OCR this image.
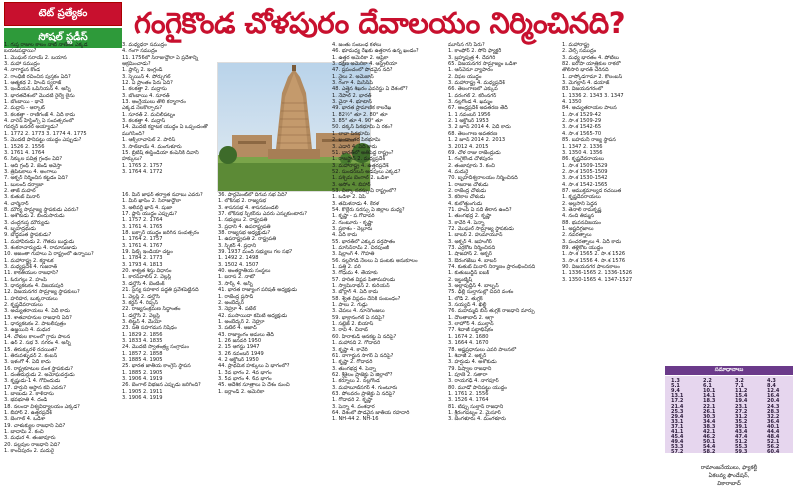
టెట్ ప్రత్యేకం
సోషల్ స్టడీస్	గంగైకొండ చోళపురం దేవాలయం నిర్మించినది?
1. గుప్త రాజుల కాలం నాటి నాణేలు ఎక్కడ
బయటపడ్డాయి?
1. మొఘల్ సరాయ్ 2. బయాన
3. మహా సముద్రం
4. నాగార్జున కొండ
2. గాంధీజీ రచించిన పుస్తకం ఏది?
1. ఆత్మకథ 2. హింద్ స్వరాజ్
3. ఇండియన్ ఒపీనియన్ 4. అన్నీ
3. భారతదేశంలో మొదటి రైల్వే లైను
1. బొంబాయి - థానే
2. మద్రాస్ - ఆర్కాట్
3. కలకత్తా - రాణీగంజ్ 4. ఏదీ కాదు
4. వారెన్ హేస్టింగ్స్ ఏ సంవత్సరంలో
గవర్నర్ జనరల్ అయ్యాడు?
1. 1772 2. 1773 3. 1774 4. 1775
5. మొదటి పానిపట్టు యుద్ధం ఎప్పుడు?
1. 1526 2. 1556
3. 1761 4. 1764
6. సిక్కుల పవిత్ర గ్రంథం ఏది?
1. ఆది గ్రంథ్ 2. జెండ్ అవెస్తా
3. త్రిపిటకాలు 4. అంగాలు
7. అక్బర్ నిర్మించిన కట్టడం ఏది?
1. బులంద్ దర్వాజా
2. తాజ్ మహల్
3. కుతుబ్ మినార్
4. చార్మినార్
8. మౌర్య సామ్రాజ్య స్థాపకుడు ఎవరు?
1. అశోకుడు 2. బిందుసారుడు
3. చంద్రగుప్త మౌర్యుడు
4. బృహద్రథుడు
9. బౌద్ధమత స్థాపకుడు?
1. మహావీరుడు 2. గౌతమ బుద్ధుడు
3. శంకరాచార్యుడు 4. రామానుజుడు
10. అజంతా గుహలు ఏ రాష్ట్రంలో ఉన్నాయి?
1. మహారాష్ట్ర 2. కర్ణాటక
3. మధ్యప్రదేశ్ 4. గుజరాత్
11. కాకతీయుల రాజధాని?
1. ఓరుగల్లు 2. హంపి
3. ధాన్యకటకం 4. విజయపురి
12. విజయనగర సామ్రాజ్య స్థాపకులు?
1. హరిహర, బుక్కరాయలు
2. కృష్ణదేవరాయలు
3. అచ్యుతరాయలు 4. ఏదీ కాదు
13. శాతవాహనుల రాజధాని ఏది?
1. ధాన్యకటకం 2. పాటలీపుత్రం
3. ఉజ్జయిని 4. మధుర
14. చోళుల కాలంలో గ్రామ పాలన
1. ఉర్ 2. సభ 3. నగరం 4. అన్నీ
15. తిరుక్కురళ్ రచయిత?
1. తిరువళ్ళువర్ 2. కంబన్
3. ఇళంగో 4. ఏదీ కాదు
16. రాష్ట్రకూటుల వంశ స్థాపకుడు?
1. దంతిదుర్గుడు 2. అమోఘవర్షుడు
3. కృష్ణుడు-1 4. గోవిందుడు
17. హర్షుని ఆస్థాన కవి ఎవరు?
1. బాణుడు 2. కాళిదాసు
3. భవభూతి 4. దండి
18. నలందా విశ్వవిద్యాలయం ఎక్కడ?
1. బీహార్ 2. ఉత్తరప్రదేశ్
3. బెంగాల్ 4. ఒడిశా
19. చాళుక్యుల రాజధాని ఏది?
1. బాదామి 2. కంచి
3. మధుర 4. తంజావూరు
20. పల్లవుల రాజధాని ఏది?
1. కాంచీపురం 2. మదురై
3. మధ్యధరా సముద్రం
4. గంగా సముద్రం
11. 1756లో సిరాజుద్దౌలా ఏ ప్రదేశాన్ని
ఆక్రమించాడు?
1. ఫ్రాన్స్ 2. ఇంగ్లండ్
3. స్పెయిన్ 4. పోర్చుగల్
12. ఏ ప్రాంతం పేరు ఏది?
1. కలకత్తా 2. మద్రాసు
3. బొంబాయి 4. సూరత్
13. ఆంగ్లేయులు తొలి కర్మాగారం
ఎక్కడ నెలకొల్పారు?
1. సూరత్ 2. మచిలీపట్నం
3. కలకత్తా 4. మద్రాస్
14. మొదటి కర్ణాటక యుద్ధం ఏ ఒప్పందంతో
ముగిసింది?
1. ఆక్స్‌లాచాపెల్ 2. పారిస్
3. సాల్‌బాయ్ 4. మంగుళూరు
15. బ్రిటిష్ ఈస్టిండియా కంపెనీకి దివానీ
హక్కులు?
1. 1765 2. 1757
3. 1764 4. 1772
16. మీర్ జాఫర్ తర్వాత నవాబు ఎవరు?
1. మీర్ ఖాసిం 2. సిరాజుద్దౌలా
3. అలీవర్దీ ఖాన్ 4. షుజా
17. ప్లాసీ యుద్ధం ఎప్పుడు?
1. 1757 2. 1764
3. 1761 4. 1765
18. బక్సార్ యుద్ధం జరిగిన సంవత్సరం
1. 1764 2. 1757
3. 1761 4. 1767
19. పిట్స్ ఇండియా చట్టం
1. 1784 2. 1773
3. 1793 4. 1813
20. శాశ్వత శిస్తు విధానం
1. కారన్‌వాలిస్ 2. వెల్లస్లీ
3. డల్హౌసీ 4. బెంటింక్
21. సైన్య సహకార పద్ధతి ప్రవేశపెట్టినది
1. వెల్లస్లీ 2. డల్హౌసీ
3. కర్జన్ 4. రిప్పన్
22. రాజ్యసంక్రమణ సిద్ధాంతం
1. డల్హౌసీ 2. వెల్లస్లీ
3. లిట్టన్ 4. మేయో
23. సతీ సహగమన నిషేధం
1. 1829 2. 1856
3. 1833 4. 1835
24. మొదటి స్వాతంత్ర్య సంగ్రామం
1. 1857 2. 1858
3. 1885 4. 1905
25. భారత జాతీయ కాంగ్రెస్ స్థాపన
1. 1885 2. 1905
3. 1906 4. 1919
26. బెంగాల్ విభజన ఎప్పుడు జరిగింది?
1. 1905 2. 1911
3. 1906 4. 1919
36. పార్లమెంట్‌లో దిగువ సభ ఏది?
1. లోక్‌సభ 2. రాజ్యసభ
3. శాసనసభ 4. శాసనమండలి
37. లోక్‌సభ స్పీకర్‌ను ఎవరు ఎన్నుకుంటారు?
1. సభ్యులు 2. రాష్ట్రపతి
3. ప్రధాని 4. ఉపరాష్ట్రపతి
38. రాజ్యసభ అధ్యక్షుడు?
1. ఉపరాష్ట్రపతి 2. రాష్ట్రపతి
3. స్పీకర్ 4. ప్రధాని
39. 1937 మంది సభ్యులు గల సభ?
1. 1492 2. 1498
3. 1502 4. 1507
40. అంతర్జాతీయ సంస్థలు
1. ఐరాస 2. నాటో
3. సార్క్ 4. అన్నీ
41. భారత రాజ్యాంగ పరిషత్ అధ్యక్షుడు
1. రాజేంద్ర ప్రసాద్
2. అంబేద్కర్
3. నెహ్రూ 4. పటేల్
42. ముసాయిదా కమిటీ అధ్యక్షుడు
1. అంబేద్కర్ 2. నెహ్రూ
3. పటేల్ 4. ఆజాద్
43. రాజ్యాంగం అమలు తేదీ
1. 26 జనవరి 1950
2. 15 ఆగస్టు 1947
3. 26 నవంబర్ 1949
4. 2 అక్టోబర్ 1950
44. ప్రాథమిక హక్కులు ఏ భాగంలో?
1. 3వ భాగం 2. 4వ భాగం
3. 5వ భాగం 4. 6వ భాగం
45. ఆదేశిక సూత్రాలు ఏ దేశం నుంచి
1. ఐర్లాండ్ 2. అమెరికా
4. జంతు సంబంధ కళలు
46. భూమధ్య రేఖకు ఉత్తరాన ఉన్న ఖండం?
1. ఉత్తర అమెరికా 2. ఆఫ్రికా
3. దక్షిణ అమెరికా 4. ఆస్ట్రేలియా
47. ప్రపంచంలో పొడవైన నది?
1. నైలు 2. అమెజాన్
3. గంగా 4. మిసిసిపి
48. ఎత్తైన శిఖరం ఎవరెస్టు ఏ దేశంలో?
1. నేపాల్ 2. భారత్
3. చైనా 4. భూటాన్
49. భారత ప్రామాణిక కాలరేఖ
1. 82½° తూ 2. 80° తూ
3. 85° తూ 4. 90° తూ
50. దక్కన్ పీఠభూమి ఏ రకం?
1. లావా పీఠభూమి
2. ఖండాంతర పీఠభూమి
3. ఎడారి 4. ఏదీ కాదు
51. భారత్‌లో అతిపెద్ద రాష్ట్రం?
1. రాజస్థాన్ 2. మధ్యప్రదేశ్
3. మహారాష్ట్ర 4. ఉత్తరప్రదేశ్
52. సుందర్‌బన్ అడవులు ఎక్కడ?
1. పశ్చిమ బెంగాల్ 2. ఒడిశా
3. అసోం 4. బిహార్
53. చిల్కా సరస్సు ఏ రాష్ట్రంలో?
1. ఒడిశా 2. ఏపీ
3. తమిళనాడు 4. కేరళ
54. కొల్లేరు సరస్సు ఏ జిల్లాల మధ్య?
1. కృష్ణా - ప.గోదావరి
2. గుంటూరు - కృష్ణా
3. ప్రకాశం - నెల్లూరు
4. ఏదీ కాదు
55. భారత్‌లో ఎక్కువ వర్షపాతం
1. మాసిన్‌రామ్ 2. చిరపుంజీ
3. షిల్లాంగ్ 4. గౌహతి
56. నల్లరేగడి నేలలు ఏ పంటకు అనుకూలం
1. పత్తి 2. వరి
3. గోధుమ 4. తేయాకు
57. హరిత విప్లవ పితామహుడు
1. స్వామినాథన్ 2. కురియన్
3. బోర్లాగ్ 4. ఏదీ కాదు
58. శ్వేత విప్లవం దేనికి సంబంధం?
1. పాలు 2. గుడ్లు
3. చేపలు 4. నూనెగింజలు
59. భాక్రానంగల్ ఏ నదిపై?
1. సట్లెజ్ 2. బియాస్
3. రావి 4. చీనాబ్
60. హీరాకుడ్ ఆనకట్ట ఏ నదిపై?
1. మహానది 2. గోదావరి
3. కృష్ణా 4. కావేరి
61. నాగార్జున సాగర్ ఏ నదిపై?
1. కృష్ణా 2. గోదావరి
3. తుంగభద్ర 4. పెన్నా
62. శ్రీశైలం ప్రాజెక్టు ఏ జిల్లాలో?
1. కర్నూలు 2. నల్లగొండ
3. మహబూబ్‌నగర్ 4. గుంటూరు
63. పోలవరం ప్రాజెక్టు ఏ నదిపై?
1. గోదావరి 2. కృష్ణా
3. పెన్నా 4. వంశధార
64. దేశంలో పొడవైన జాతీయ రహదారి
1. NH-44 2. NH-16
మూసిన గని పేరు?
1. కాంఫోర్ 2. సోనీ ఫ్యాక్టరీ
3. బ్రహ్మపుత్ర 4. దేవగిరి
65. విజయనగర సామ్రాజ్యం ఒడిశా
1. ఆన్‌వెనూ వ్యాపారం
2. విఫల యుద్ధం
3. మహారాష్ట్ర 4. మధ్యప్రదేశ్
66. తెలంగాణలో ఎక్కువ
1. వరంగల్ 2. కరీంనగర్
3. నల్లగొండ 4. ఖమ్మం
67. ఆంధ్రప్రదేశ్ అవతరణ తేదీ
1. 1 నవంబర్ 1956
2. 1 అక్టోబర్ 1953
3. 2 జూన్ 2014 4. ఏదీ కాదు
68. తెలంగాణ అవతరణ
1. 2 జూన్ 2014 2. 2013
3. 2012 4. 2015
69. చోళ రాజు రాజేంద్రుడు
1. గంగైకొండ చోళపురం
2. తంజావూరు 3. కంచి
4. మదురై
70. బృహదీశ్వరాలయం నిర్మించినది
1. రాజరాజ చోళుడు
2. రాజేంద్ర చోళుడు
3. కరికాల చోళుడు
4. కులోత్తుంగుడు
71. హంపి ఏ నదీ తీరాన ఉంది?
1. తుంగభద్ర 2. కృష్ణా
3. కావేరి 4. పెన్నా
72. మొఘల్ సామ్రాజ్య స్థాపకుడు
1. బాబర్ 2. హుమాయూన్
3. అక్బర్ 4. జహంగీర్
73. ఎర్రకోట నిర్మించినది
1. షాజహాన్ 2. అక్బర్
3. ఔరంగజేబు 4. బాబర్
74. కుతుబ్ మినార్ నిర్మాణం ప్రారంభించినది
1. కుతుబుద్దీన్ ఐబక్
2. ఇల్టుట్మిష్
3. అల్లావుద్దీన్ 4. బాల్బన్
75. ఢిల్లీ సుల్తానుల్లో చివరి వంశం
1. లోడీ 2. తుగ్లక్
3. సయ్యద్ 4. ఖిల్జీ
76. మహమ్మద్ బిన్ తుగ్లక్ రాజధాని మార్పు
1. దౌలతాబాద్ 2. ఆగ్రా
3. లాహోర్ 4. ముల్తాన్
77. శివాజీ పట్టాభిషేకం
1. 1674 2. 1680
3. 1664 4. 1670
78. అష్టప్రధానులు ఎవరి పాలనలో
1. శివాజీ 2. అక్బర్
3. హర్షుడు 4. అశోకుడు
79. పీష్వాల రాజధాని
1. పూణె 2. సతారా
3. రాయగఢ్ 4. నాగపూర్
80. మూడో పానిపట్టు యుద్ధం
1. 1761 2. 1556
3. 1526 4. 1764
81. టిప్పు సుల్తాన్ రాజధాని
1. శ్రీరంగపట్నం 2. మైసూర్
3. బెంగళూరు 4. మంగళూరు
1. మహారాష్ట్ర
2. వేల్స్ సముద్రం
3. మధ్య భారతం 4. పోటీలు
82. ఐరోపా యాత్రికుల రాకలో
తొలిసారి భారత్ చేరినది
1. వాస్కోడగామా 2. కొలంబస్
3. మెగల్లాన్ 4. డయాజ్
83. విజయనగరంలో
1. 1336 2. 1343 3. 1347
4. 1350
84. అచ్యుతరాయల పాలన
1. సా.శ 1529-42
2. సా.శ 1509-29
3. సా.శ 1542-65
4. సా.శ 1565-70
85. బహమనీ రాజ్య స్థాపన
1. 1347 2. 1336
3. 1350 4. 1356
86. కృష్ణదేవరాయలు
1. సా.శ 1509-1529
2. సా.శ 1505-1509
3. సా.శ 1530-1542
4. సా.శ 1542-1565
87. ఆముక్తమాల్యద రచయిత
1. కృష్ణదేవరాయలు
2. అల్లసాని పెద్దన
3. తెనాలి రామకృష్ణ
4. నంది తిమ్మన
88. భువనవిజయం
1. అష్టదిగ్గజాలు
2. నవరత్నాలు
3. పంచరత్నాలు 4. ఏదీ కాదు
89. తళ్లికోట యుద్ధం
1. సా.శ 1565 2. సా.శ 1526
3. సా.శ 1556 4. సా.శ 1576
90. విజయనగర పాలనకాలం
1. 1336-1565 2. 1336-1526
3. 1350-1565 4. 1347-1527
సమాధానాలు
1.3	2.2	3.2	4.3
5.1	6.1	7.1	8.4
9.4	10.1	11.2	12.4
13.1	14.1	15.4	16.4
17.2	18.3	19.4	20.4
21.4	22.1	23.1	24.3
25.3	26.1	27.2	28.3
29.4	30.3	31.2	32.2
33.1	34.4	35.2	36.4
37.1	38.3	39.1	40.1
41.1	42.1	43.4	44.4
45.4	46.2	47.4	48.4
49.4	50.1	51.2	52.1
53.3	54.4	55.3	56.2
57.2	58.2	59.3	60.4
రామాంజనేయులు, ఫ్యాకల్టీ
ఏకలవ్య ఫౌండేషన్,
వికారాబాద్
